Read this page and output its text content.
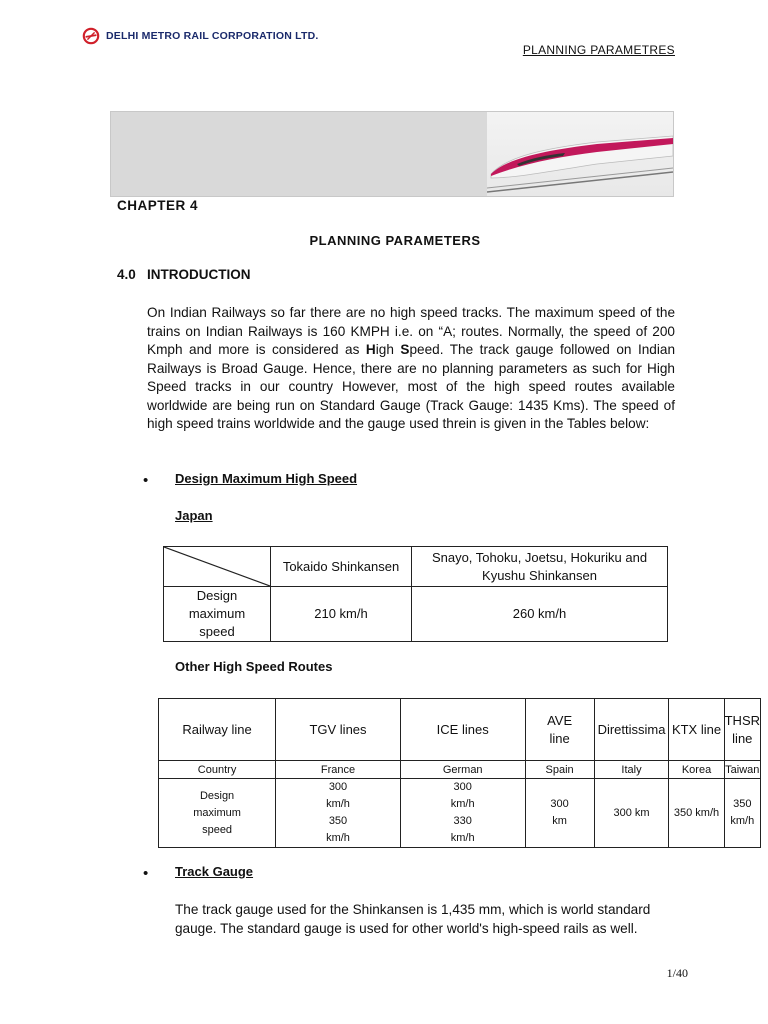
DELHI METRO RAIL CORPORATION LTD.
PLANNING PARAMETRES
CHAPTER 4
PLANNING PARAMETERS
4.0 INTRODUCTION
On Indian Railways so far there are no high speed tracks. The maximum speed of the trains on Indian Railways is 160 KMPH i.e. on “A; routes. Normally, the speed of 200 Kmph and more is considered as High Speed. The track gauge followed on Indian Railways is Broad Gauge. Hence, there are no planning parameters as such for High Speed tracks in our country However, most of the high speed routes available worldwide are being run on Standard Gauge (Track Gauge: 1435 Kms). The speed of high speed trains worldwide and the gauge used threin is given in the Tables below:
• Design Maximum High Speed
Japan
	Tokaido Shinkansen	Snayo, Tohoku, Joetsu, Hokuriku and Kyushu Shinkansen
Design maximum speed	210 km/h	260 km/h
Other High Speed Routes
Railway line	TGV lines	ICE lines	AVE line	Direttissima	KTX line	THSR line
Country	France	German	Spain	Italy	Korea	Taiwan
Design maximum speed	300 km/h 350 km/h	300 km/h 330 km/h	300 km	300 km	350 km/h	350 km/h
• Track Gauge
The track gauge used for the Shinkansen is 1,435 mm, which is world standard gauge. The standard gauge is used for other world's high-speed rails as well.
1/40
